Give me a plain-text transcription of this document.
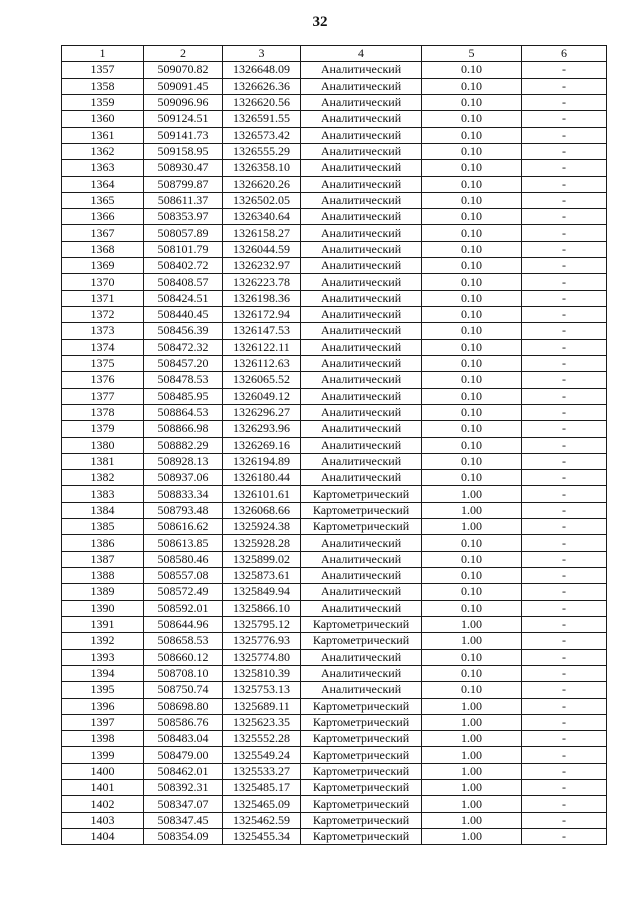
32
1	2	3	4	5	6
1357	509070.82	1326648.09	Аналитический	0.10	-
1358	509091.45	1326626.36	Аналитический	0.10	-
1359	509096.96	1326620.56	Аналитический	0.10	-
1360	509124.51	1326591.55	Аналитический	0.10	-
1361	509141.73	1326573.42	Аналитический	0.10	-
1362	509158.95	1326555.29	Аналитический	0.10	-
1363	508930.47	1326358.10	Аналитический	0.10	-
1364	508799.87	1326620.26	Аналитический	0.10	-
1365	508611.37	1326502.05	Аналитический	0.10	-
1366	508353.97	1326340.64	Аналитический	0.10	-
1367	508057.89	1326158.27	Аналитический	0.10	-
1368	508101.79	1326044.59	Аналитический	0.10	-
1369	508402.72	1326232.97	Аналитический	0.10	-
1370	508408.57	1326223.78	Аналитический	0.10	-
1371	508424.51	1326198.36	Аналитический	0.10	-
1372	508440.45	1326172.94	Аналитический	0.10	-
1373	508456.39	1326147.53	Аналитический	0.10	-
1374	508472.32	1326122.11	Аналитический	0.10	-
1375	508457.20	1326112.63	Аналитический	0.10	-
1376	508478.53	1326065.52	Аналитический	0.10	-
1377	508485.95	1326049.12	Аналитический	0.10	-
1378	508864.53	1326296.27	Аналитический	0.10	-
1379	508866.98	1326293.96	Аналитический	0.10	-
1380	508882.29	1326269.16	Аналитический	0.10	-
1381	508928.13	1326194.89	Аналитический	0.10	-
1382	508937.06	1326180.44	Аналитический	0.10	-
1383	508833.34	1326101.61	Картометрический	1.00	-
1384	508793.48	1326068.66	Картометрический	1.00	-
1385	508616.62	1325924.38	Картометрический	1.00	-
1386	508613.85	1325928.28	Аналитический	0.10	-
1387	508580.46	1325899.02	Аналитический	0.10	-
1388	508557.08	1325873.61	Аналитический	0.10	-
1389	508572.49	1325849.94	Аналитический	0.10	-
1390	508592.01	1325866.10	Аналитический	0.10	-
1391	508644.96	1325795.12	Картометрический	1.00	-
1392	508658.53	1325776.93	Картометрический	1.00	-
1393	508660.12	1325774.80	Аналитический	0.10	-
1394	508708.10	1325810.39	Аналитический	0.10	-
1395	508750.74	1325753.13	Аналитический	0.10	-
1396	508698.80	1325689.11	Картометрический	1.00	-
1397	508586.76	1325623.35	Картометрический	1.00	-
1398	508483.04	1325552.28	Картометрический	1.00	-
1399	508479.00	1325549.24	Картометрический	1.00	-
1400	508462.01	1325533.27	Картометрический	1.00	-
1401	508392.31	1325485.17	Картометрический	1.00	-
1402	508347.07	1325465.09	Картометрический	1.00	-
1403	508347.45	1325462.59	Картометрический	1.00	-
1404	508354.09	1325455.34	Картометрический	1.00	-
